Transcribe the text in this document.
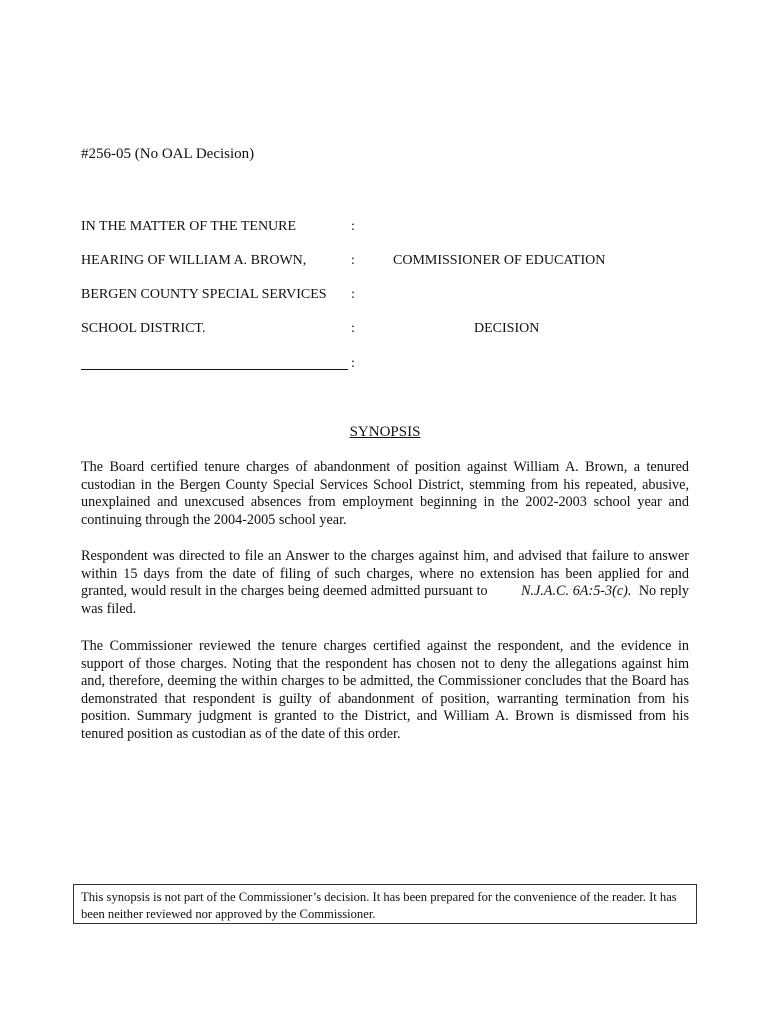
#256-05 (No OAL Decision)
IN THE MATTER OF THE TENURE	:
HEARING OF WILLIAM A. BROWN,	:	COMMISSIONER OF EDUCATION
BERGEN COUNTY SPECIAL SERVICES :
SCHOOL DISTRICT.	:	DECISION
:
SYNOPSIS

The Board certified tenure charges of abandonment of position against William A. Brown, a tenured custodian in the Bergen County Special Services School District, stemming from his repeated, abusive, unexplained and unexcused absences from employment beginning in the 2002-2003 school year and continuing through the 2004-2005 school year.

Respondent was directed to file an Answer to the charges against him, and advised that failure to answer within 15 days from the date of filing of such charges, where no extension has been applied for and granted, would result in the charges being deemed admitted pursuant to N.J.A.C. 6A:5-3(c). No reply was filed.

The Commissioner reviewed the tenure charges certified against the respondent, and the evidence in support of those charges. Noting that the respondent has chosen not to deny the allegations against him and, therefore, deeming the within charges to be admitted, the Commissioner concludes that the Board has demonstrated that respondent is guilty of abandonment of position, warranting termination from his position. Summary judgment is granted to the District, and William A. Brown is dismissed from his tenured position as custodian as of the date of this order.

This synopsis is not part of the Commissioner’s decision. It has been prepared for the convenience of the reader. It has been neither reviewed nor approved by the Commissioner.
